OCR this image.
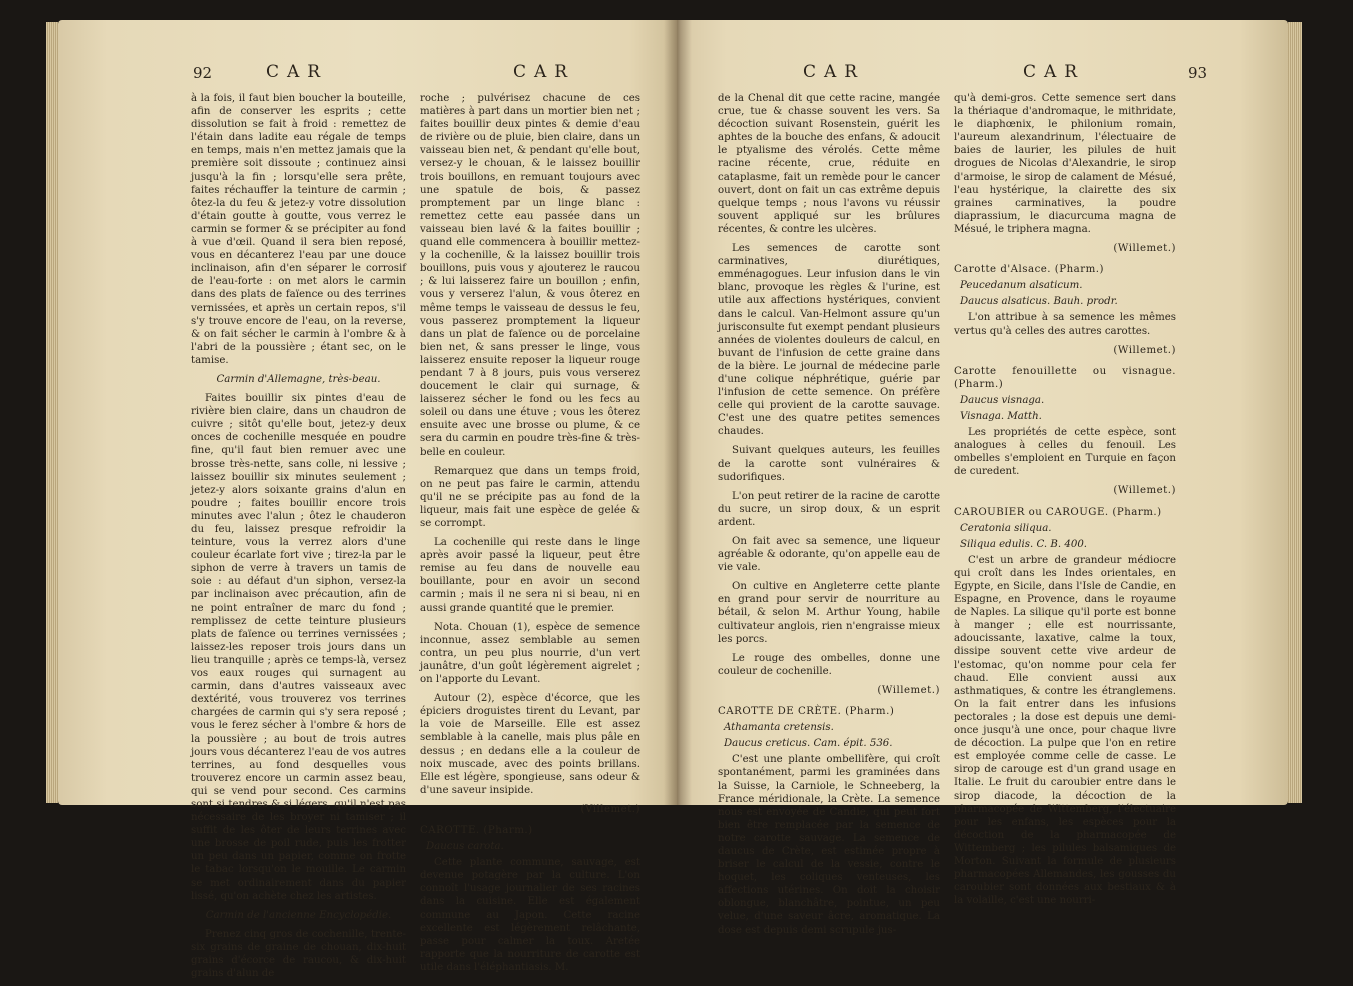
92	CAR	CAR

à la fois, il faut bien boucher la bouteille, afin de conserver les esprits ; cette dissolution se fait à froid : remettez de l'étain dans ladite eau régale de temps en temps, mais n'en mettez jamais que la première soit dissoute ; continuez ainsi jusqu'à la fin ; lorsqu'elle sera prête, faites réchauffer la teinture de carmin ; ôtez-la du feu & jetez-y votre dissolution d'étain goutte à goutte, vous verrez le carmin se former & se précipiter au fond à vue d'œil. Quand il sera bien reposé, vous en décanterez l'eau par une douce inclinaison, afin d'en séparer le corrosif de l'eau-forte : on met alors le carmin dans des plats de faïence ou des terrines vernissées, et après un certain repos, s'il s'y trouve encore de l'eau, on la reverse, & on fait sécher le carmin à l'ombre & à l'abri de la poussière ; étant sec, on le tamise.

Carmin d'Allemagne, très-beau.

Faites bouillir six pintes d'eau de rivière bien claire, dans un chaudron de cuivre ; sitôt qu'elle bout, jetez-y deux onces de cochenille mesquée en poudre fine, qu'il faut bien remuer avec une brosse très-nette, sans colle, ni lessive ; laissez bouillir six minutes seulement ; jetez-y alors soixante grains d'alun en poudre ; faites bouillir encore trois minutes avec l'alun ; ôtez le chauderon du feu, laissez presque refroidir la teinture, vous la verrez alors d'une couleur écarlate fort vive ; tirez-la par le siphon de verre à travers un tamis de soie : au défaut d'un siphon, versez-la par inclinaison avec précaution, afin de ne point entraîner de marc du fond ; remplissez de cette teinture plusieurs plats de faïence ou terrines vernissées ; laissez-les reposer trois jours dans un lieu tranquille ; après ce temps-là, versez vos eaux rouges qui surnagent au carmin, dans d'autres vaisseaux avec dextérité, vous trouverez vos terrines chargées de carmin qui s'y sera reposé ; vous le ferez sécher à l'ombre & hors de la poussière ; au bout de trois autres jours vous décanterez l'eau de vos autres terrines, au fond desquelles vous trouverez encore un carmin assez beau, qui se vend pour second. Ces carmins sont si tendres & si légers, qu'il n'est pas nécessaire de les broyer ni tamiser ; il suffit de les ôter de leurs terrines avec une brosse de poil rude, puis les frotter un peu dans un papier, comme on frotte le tabac lorsqu'on le mouille. Le carmin se met ordinairement dans du papier lissé, qu'on achète chez les artistes.

Carmin de l'ancienne Encyclopédie.

Prenez cinq gros de cochenille, trente-six grains de graine de chouan, dix-huit grains d'écorce de raucou, & dix-huit grains d'alun de

roche ; pulvérisez chacune de ces matières à part dans un mortier bien net ; faites bouillir deux pintes & demie d'eau de rivière ou de pluie, bien claire, dans un vaisseau bien net, & pendant qu'elle bout, versez-y le chouan, & le laissez bouillir trois bouillons, en remuant toujours avec une spatule de bois, & passez promptement par un linge blanc : remettez cette eau passée dans un vaisseau bien lavé & la faites bouillir ; quand elle commencera à bouillir mettez-y la cochenille, & la laissez bouillir trois bouillons, puis vous y ajouterez le raucou ; & lui laisserez faire un bouillon ; enfin, vous y verserez l'alun, & vous ôterez en même temps le vaisseau de dessus le feu, vous passerez promptement la liqueur dans un plat de faïence ou de porcelaine bien net, & sans presser le linge, vous laisserez ensuite reposer la liqueur rouge pendant 7 à 8 jours, puis vous verserez doucement le clair qui surnage, & laisserez sécher le fond ou les fecs au soleil ou dans une étuve ; vous les ôterez ensuite avec une brosse ou plume, & ce sera du carmin en poudre très-fine & très-belle en couleur.

Remarquez que dans un temps froid, on ne peut pas faire le carmin, attendu qu'il ne se précipite pas au fond de la liqueur, mais fait une espèce de gelée & se corrompt.

La cochenille qui reste dans le linge après avoir passé la liqueur, peut être remise au feu dans de nouvelle eau bouillante, pour en avoir un second carmin ; mais il ne sera ni si beau, ni en aussi grande quantité que le premier.

Nota. Chouan (1), espèce de semence inconnue, assez semblable au semen contra, un peu plus nourrie, d'un vert jaunâtre, d'un goût légèrement aigrelet ; on l'apporte du Levant.

Autour (2), espèce d'écorce, que les épiciers droguistes tirent du Levant, par la voie de Marseille. Elle est assez semblable à la canelle, mais plus pâle en dessus ; en dedans elle a la couleur de noix muscade, avec des points brillans. Elle est légère, spongieuse, sans odeur & d'une saveur insipide.

(Villemet.)

CAROTTE. (Pharm.)

Daucus carota.

Cette plante commune, sauvage, est devenue potagère par la culture. L'on connoît l'usage journalier de ses racines dans la cuisine. Elle est également commune au Japon. Cette racine excellente est légèrement relâchante, passe pour calmer la toux. Aretée rapporte que la nourriture de carotte est utile dans l'éléphantiasis. M.

CAR	CAR	93

de la Chenal dit que cette racine, mangée crue, tue & chasse souvent les vers. Sa décoction suivant Rosenstein, guérit les aphtes de la bouche des enfans, & adoucit le ptyalisme des vérolés. Cette même racine récente, crue, réduite en cataplasme, fait un remède pour le cancer ouvert, dont on fait un cas extrême depuis quelque temps ; nous l'avons vu réussir souvent appliqué sur les brûlures récentes, & contre les ulcères.

Les semences de carotte sont carminatives, diurétiques, emménagogues. Leur infusion dans le vin blanc, provoque les règles & l'urine, est utile aux affections hystériques, convient dans le calcul. Van-Helmont assure qu'un jurisconsulte fut exempt pendant plusieurs années de violentes douleurs de calcul, en buvant de l'infusion de cette graine dans de la bière. Le journal de médecine parle d'une colique néphrétique, guérie par l'infusion de cette semence. On préfère celle qui provient de la carotte sauvage. C'est une des quatre petites semences chaudes.

Suivant quelques auteurs, les feuilles de la carotte sont vulnéraires & sudorifiques.

L'on peut retirer de la racine de carotte du sucre, un sirop doux, & un esprit ardent.

On fait avec sa semence, une liqueur agréable & odorante, qu'on appelle eau de vie vale.

On cultive en Angleterre cette plante en grand pour servir de nourriture au bétail, & selon M. Arthur Young, habile cultivateur anglois, rien n'engraisse mieux les porcs.

Le rouge des ombelles, donne une couleur de cochenille.

(Willemet.)

CAROTTE DE CRÈTE. (Pharm.)

Athamanta cretensis.

Daucus creticus. Cam. épit. 536.

C'est une plante ombellifère, qui croît spontanément, parmi les graminées dans la Suisse, la Carniole, le Schneeberg, la France méridionale, la Crète. La semence nous est envoyée de Candie, qui peut fort bien être remplacée par la semence de notre carotte sauvage. La semence de daucus de Crète, est estimée propre à briser le calcul de la vessie, contre le hoquet, les coliques venteuses, les affections utérines. On doit la choisir oblongue, blanchâtre, pointue, un peu velue, d'une saveur âcre, aromatique. La dose est depuis demi scrupule jus-

qu'à demi-gros. Cette semence sert dans la thériaque d'andromaque, le mithridate, le diaphœnix, le philonium romain, l'aureum alexandrinum, l'électuaire de baies de laurier, les pilules de huit drogues de Nicolas d'Alexandrie, le sirop d'armoise, le sirop de calament de Mésué, l'eau hystérique, la clairette des six graines carminatives, la poudre diaprassium, le diacurcuma magna de Mésué, le triphera magna.

(Willemet.)

Carotte d'Alsace. (Pharm.)

Peucedanum alsaticum.

Daucus alsaticus. Bauh. prodr.

L'on attribue à sa semence les mêmes vertus qu'à celles des autres carottes.

(Willemet.)

Carotte fenouillette ou visnague. (Pharm.)

Daucus visnaga.

Visnaga. Matth.

Les propriétés de cette espèce, sont analogues à celles du fenouil. Les ombelles s'emploient en Turquie en façon de curedent.

(Willemet.)

CAROUBIER ou CAROUGE. (Pharm.)

Ceratonia siliqua.

Siliqua edulis. C. B. 400.

C'est un arbre de grandeur médiocre qui croît dans les Indes orientales, en Egypte, en Sicile, dans l'Isle de Candie, en Espagne, en Provence, dans le royaume de Naples. La silique qu'il porte est bonne à manger ; elle est nourrissante, adoucissante, laxative, calme la toux, dissipe souvent cette vive ardeur de l'estomac, qu'on nomme pour cela fer chaud. Elle convient aussi aux asthmatiques, & contre les étranglemens. On la fait entrer dans les infusions pectorales ; la dose est depuis une demi-once jusqu'à une once, pour chaque livre de décoction. La pulpe que l'on en retire est employée comme celle de casse. Le sirop de carouge est d'un grand usage en Italie. Le fruit du caroubier entre dans le sirop diacode, la décoction de la pharmacopée de Wittemberg, l'électuaire pour les enfans, les espèces pour la décoction de la pharmacopée de Wittemberg ; les pilules balsamiques de Morton. Suivant la formule de plusieurs pharmacopées Allemandes, les gousses du caroubier sont données aux bestiaux & à la volaille, c'est une nourri-
